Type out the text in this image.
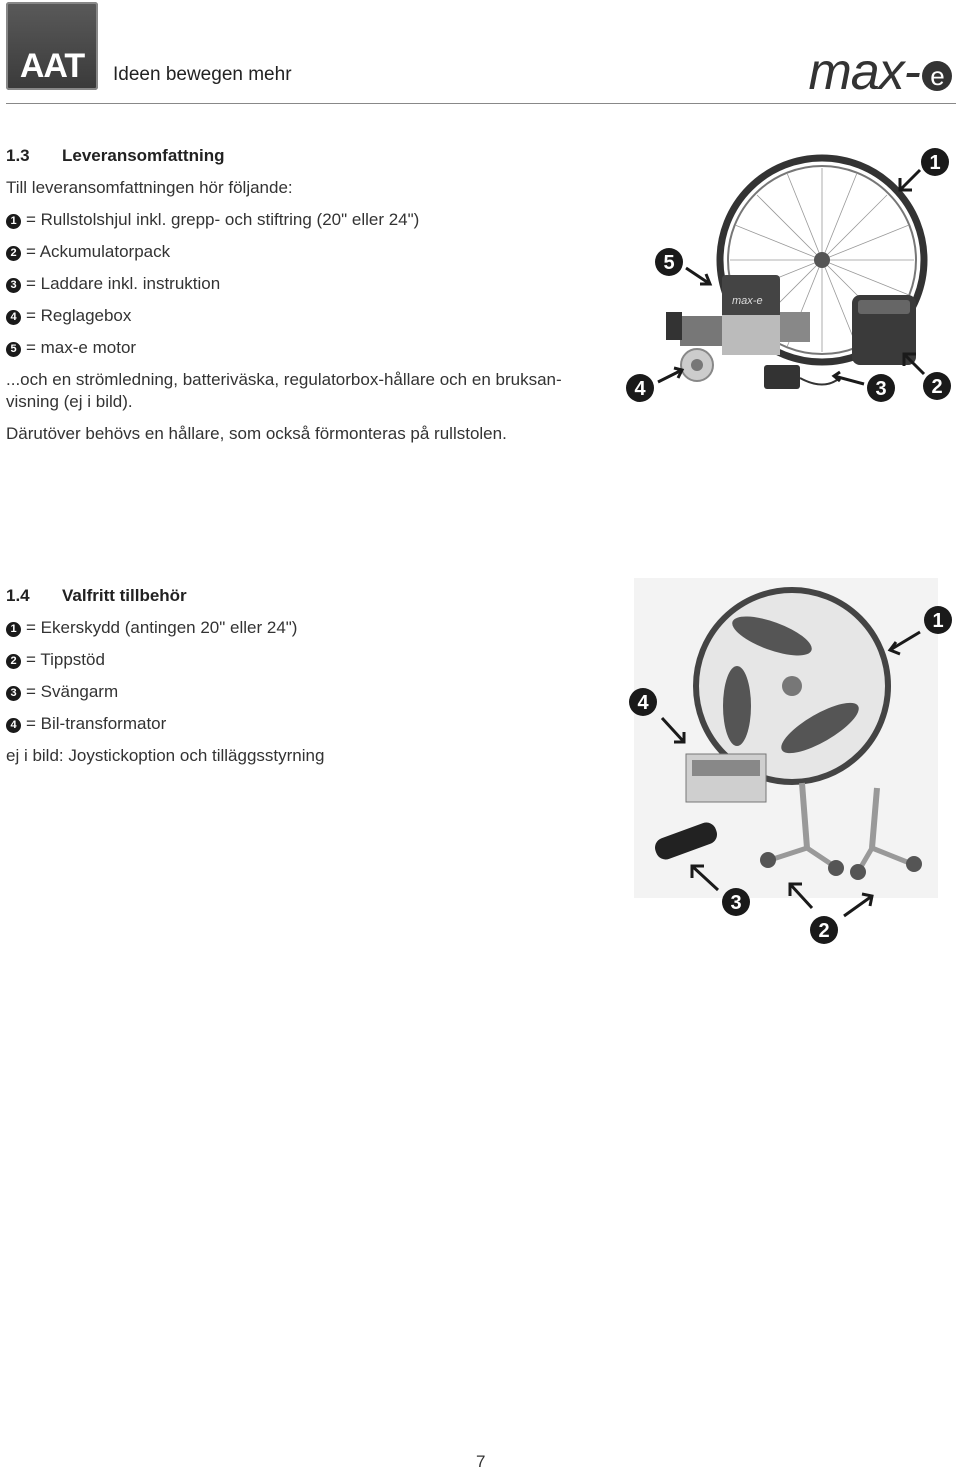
AAT	Ideen bewegen mehr	max- e
1.3 Leveransomfattning
Till leveransomfattningen hör följande:
1 = Rullstolshjul inkl. grepp- och stiftring (20" eller 24")
2 = Ackumulatorpack
3 = Laddare inkl. instruktion
4 = Reglagebox
5 = max-e motor
...och en strömledning, batteriväska, regulatorbox-hållare och en bruksan-
visning (ej i bild).
Därutöver behövs en hållare, som också förmonteras på rullstolen.
max-e
1
5
4	3 2
1.4 Valfritt tillbehör
1 = Ekerskydd (antingen 20" eller 24")
2 = Tippstöd
3 = Svängarm
4 = Bil-transformator
ej i bild: Joystickoption och tilläggsstyrning
1
4
3
2
7
